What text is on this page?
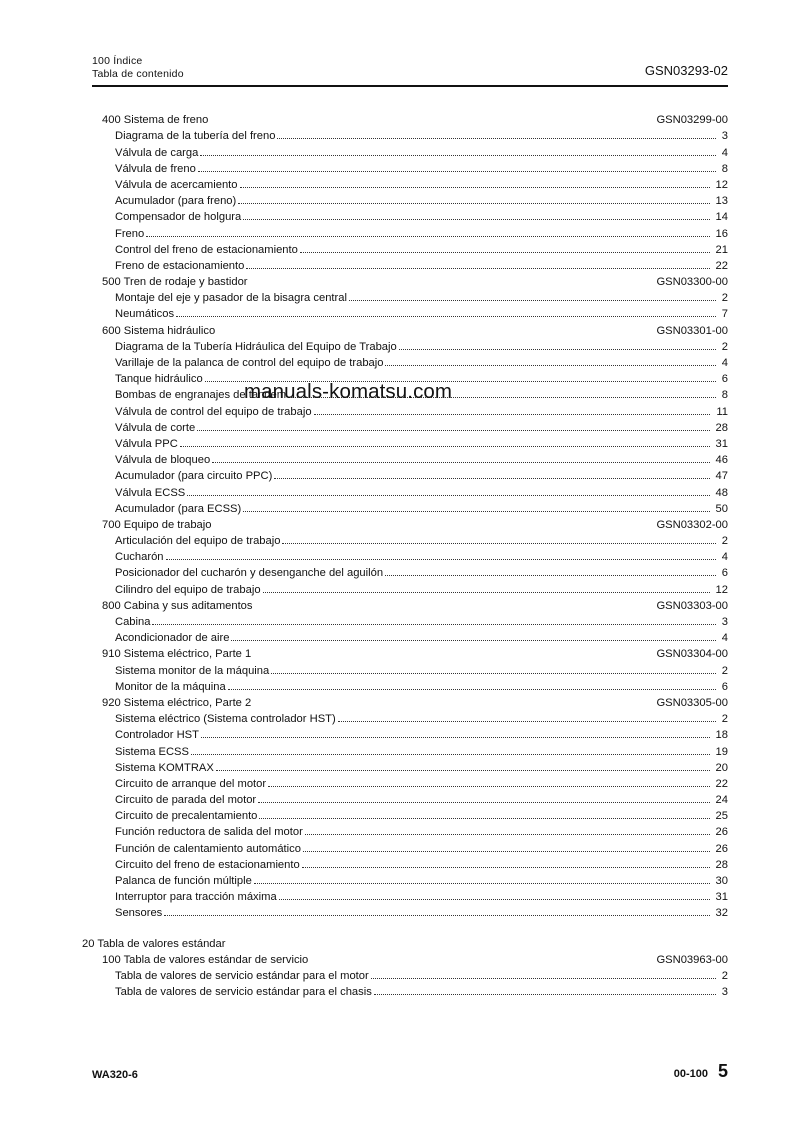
100 Índice
Tabla de contenido	GSN03293-02
400 Sistema de freno	GSN03299-00
Diagrama de la tubería del freno	3
Válvula de carga	4
Válvula de freno	8
Válvula de acercamiento	12
Acumulador (para freno)	13
Compensador de holgura	14
Freno	16
Control del freno de estacionamiento	21
Freno de estacionamiento	22
500 Tren de rodaje y bastidor	GSN03300-00
Montaje del eje y pasador de la bisagra central	2
Neumáticos	7
600 Sistema hidráulico	GSN03301-00
Diagrama de la Tubería Hidráulica del Equipo de Trabajo	2
Varillaje de la palanca de control del equipo de trabajo	4
Tanque hidráulico	6
Bombas de engranajes de tandem	8
Válvula de control del equipo de trabajo	11
Válvula de corte	28
Válvula PPC	31
Válvula de bloqueo	46
Acumulador (para circuito PPC)	47
Válvula ECSS	48
Acumulador (para ECSS)	50
700 Equipo de trabajo	GSN03302-00
Articulación del equipo de trabajo	2
Cucharón	4
Posicionador del cucharón y desenganche del aguilón	6
Cilindro del equipo de trabajo	12
800 Cabina y sus aditamentos	GSN03303-00
Cabina	3
Acondicionador de aire	4
910 Sistema eléctrico, Parte 1	GSN03304-00
Sistema monitor de la máquina	2
Monitor de la máquina	6
920 Sistema eléctrico, Parte 2	GSN03305-00
Sistema eléctrico (Sistema controlador HST)	2
Controlador HST	18
Sistema ECSS	19
Sistema KOMTRAX	20
Circuito de arranque del motor	22
Circuito de parada del motor	24
Circuito de precalentamiento	25
Función reductora de salida del motor	26
Función de calentamiento automático	26
Circuito del freno de estacionamiento	28
Palanca de función múltiple	30
Interruptor para tracción máxima	31
Sensores	32
20 Tabla de valores estándar
100 Tabla de valores estándar de servicio	GSN03963-00
Tabla de valores de servicio estándar para el motor	2
Tabla de valores de servicio estándar para el chasis	3
manuals-komatsu.com
WA320-6	00-100 5
